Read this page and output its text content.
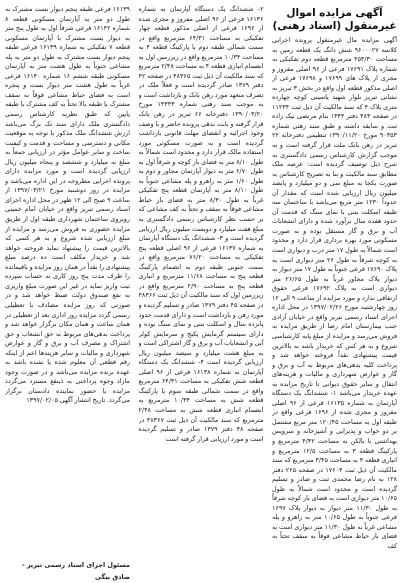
آگهی مزایده اموال غیرمنقول (اسناد رهنی)

آگهی مزایده مال غیرمنقول پرونده اجرایی کلاسه ۹۶۰۰۰۲۷ شش دانگ یک قطعه زمین به مساحت ۴۵۳/۳۰ مترمربع قطعه دوم تفکیکی به شماره پلاک ۱۷۶۹۱ فرعی از ۹۶ اصلی مفروز و مجزی از پلاک های ۱۷۶۹۹ و ۱۷۶۹۸ فرعی از اصلی مذکور قطعه اول واقع در بخش ۳ تبریز به نشانی تبریز بلوار شهید یاسینی کوچه چهارده متری پلاک ۴ که سند مالکیت آن ذیل ثبت ۱۱۲۳۴ در صفحه ۴۸۳ دفتر ۱۳۴۴ بنام مرتضی نیک زاده ثبت و سابقه داشته و طبق سند رهنی شماره ۹۰۳۵۳ مورخ ۱۳۹۰/۱۱/۲۰ تنظیمی دفترخانه ۲۲ تبریز در رهن بانک ملت قرار گرفته است و به موجب گزارش کارشناس رسمی دادگستری به شرح ذیل توصیف گردیده است: عرصه ملک مطابق سند مالکیت و بنا به تصریح کارشناس به صورت یکجا به مبلغ سی و دو میلیارد و پانصد میلیون ریال ارزیابی شده است که مقدار آن حدوداً ۱۲۳۰ متر مربع می‌باشد با ساختمان سه طبقه اسکلت بتنی با نمای سنگ که قدمت آن حدود هفده سال برآورد شده و دارای انشعابات آب و برق و گاز مستقل بوده و به صورت مسکونی مورد بهره برداری قرار دارد و محدود است شمالاً به طول ۱۷ متر درب و دیواری است به کوچه شرقاً به طول ۲۶ متر دیواری است به پلاک ۱۷۶۹۰ فرعی جنوباً به طول ۱۷ متر دیوار به دیوار پلاک مجاور غرباً به طول ۲۶/۶۵ متر دیواری است به پلاک ۱۷۶۹۲ فرعی حقوق ارتفاقی ندارد و مورد مزایده از ساعت ۹ الی ۱۲ روز چهارشنبه مورخ ۱۳۹۷/۰۲/۲۶ در محل اداره اجرای اسناد رسمی تبریز واقع در خیابان آزادی جنب بیمارستان امام رضا از طریق مزایده به فروش می‌رسد و مزایده از مبلغ پایه کارشناسی شروع و به هر کس که خریدار باشد به بالاترین قیمت پیشنهادی نقداً فروخته خواهد شد و پرداخت کلیه بدهی‌های مربوط به آب و برق و گاز و عوارض شهرداری و مالیات و هزینه‌های انتقال و سایر حقوق دیوانی تا تاریخ مزایده به عهده خریدار می‌باشد ۱- ششدانگ یک دستگاه آپارتمان به شماره ۱۶۱۳۵ فرعی از ۹۶ اصلی مفروز و مجزی شده از ۱۶۹۶ فرعی واقع در طبقه اول به مساحت ۱۲۰/۴۵ متر مربع مشتمل بر دو خواب و پذیرایی و آشپزخانه و سرویس بهداشتی با بالکن به مساحت ۴/۳۲ مترمربع و پارکینگ قطعه ۳ به مساحت ۱۲/۵ مترمربع و انباری قطعه ۴ به مساحت ۳/۴۵ مترمربع که سند مالکیت آن ذیل ثبت ۱۷۶۰۴ در صفحه ۲۶۵ دفتر ۱۲۸ به نام رضا محمدی ثبت و صادر و تسلیم گردیده است و محدود است شمالاً به طول ۱۰/۶۵ متر دیواری است به فضای باز کوچه شرقاً به طول ۱۱/۳۰ متر دیوار به دیوار پلاک ۱۶۹۷ فرعی جنوباً به طول ۱۰/۶۵ متر به راهرو و پله مشاعی غرباً به طول ۱۱/۳۰ متر دیواری است به فضای باز حیاط مشاعی فوقاً به سقف تحتاً به کف

۲- ششدانگ یک دستگاه آپارتمان به شماره ۱۶۱۳۶ فرعی از ۹۶ اصلی مفروز و مجزی شده از ۱۶۹۶ فرعی از اصلی مذکور قطعه چهار تفکیکی به مساحت ۶۴/۳۱ مترمربع واقع در سمت شمالی طبقه دوم با پارکینگ قطعه ۴ به مساحت ۱۰/۳۴ مترمربع واقع در زیرزمین اول به انضمام انباری قطعه ۴ به مساحت ۲/۴۸ مترمربع که سند مالکیت آن ذیل ثبت ۴۸۳۶۵ در صفحه ۴۲ دفتر ۱۳۷۹ صادر گردیده است و فعلاً ملک در تصرف متعهد مورد رهن بانک و بازداشت است و به موجب سند رهنی شماره ۱۴۳۴۳ مورخ ۱۳۹۰/۰۳/۲۰ دفترخانه ۶۶ تبریز در رهن بانک قرار گرفته و بابت بدهی پرونده حاضر و با وصف وجود اجرائیه و انقضای مهلت قانونی بازداشت گردیده است و به صورت مسکونی مورد استفاده مالک قرار دارد و محدود است شمالاً به طول ۸/۱۰ متر به فضای باز کوچه و شرقاً اول به طول ۶/۷۰ متر به دیوار آپارتمان مجاور و دوم به طول ۱/۶۰ متر به راهرو و پله مشاعی جنوباً به طول ۸/۱۰ متر به آپارتمان قطعه پنج تفکیکی غرباً به طول ۸/۳۰ متر به فضای باز حیاط مشاعی فوقاً به سقف و تحتاً به کف مشاعی که بر حسب نظر کارشناس رسمی دادگستری به مبلغ هفت میلیارد و دویست میلیون ریال ارزیابی گردیده است و ۳- ششدانگ یک دستگاه آپارتمان به شماره ۱۶۱۳۷ فرعی از ۹۶ اصلی قطعه پنج تفکیکی به مساحت ۷۶/۲۰ مترمربع واقع در سمت جنوبی طبقه دوم به انضمام پارکینگ قطعه پنج به مساحت ۱۱/۶۸ مترمربع و انباری قطعه پنج به مساحت ۲/۹۰ مترمربع واقع در زیرزمین اول که سند مالکیت آن ذیل ثبت ۴۸۳۶۶ در صفحه ۴۵ دفتر ۱۳۷۹ صادر و تسلیم گردیده و مورد رهن و بازداشت است و دارای قدمت حدود پانزده سال و اسکلت بتنی و نمای سنگ بوده و دارای سیستم گرمایش پکیج و سرمایش کولر آبی و انشعابات آب و برق و گاز اشتراکی است و به مبلغ هشت میلیارد و سیصد میلیون ریال ارزیابی گردیده است ۴- ششدانگ یک دستگاه آپارتمان به شماره ۱۶۱۳۸ فرعی از ۹۶ اصلی قطعه شش تفکیکی به مساحت ۶۴/۳۱ مترمربع واقع در سمت شمالی طبقه سوم با پارکینگ قطعه شش به مساحت ۱۰/۳۴ مترمربع به انضمام انباری قطعه شش به مساحت ۲/۴۸ مترمربع که سند مالکیت آن ذیل ثبت ۴۸۳۶۷ در صفحه ۴۸ دفتر ۱۳۷۹ صادر و تسلیم گردیده است و مورد ارزیابی قرار گرفته است

۱۶۱۳۹ فرعی طبقه پنجم دیوار بست مشترک به طول دو متر به آپارتمان مسکونی قطعه ۸ شماره ۱۶۱۴۲ فرعی شرقاً اول به طول پنج متر به دیوار بست مشترک با آپارتمان مسکونی قطعه ۷ تفکیکی به شماره ۱۶۱۳۹ فرعی طبقه پنجم دیوار بست مشترک به طول دو متر به پله مشاعی جنوباً به طول هشت متر به آپارتمان مسکونی طبقه ششم ۱۶ شماره ۱۶۱۴۰ فرعی غرباً به طول هشت متر دیوار بست و پنجره است به فضای حیاط مشاعی فوقاً به سقف مشترک با طبقه بالا تحتاً به کف مشترک با طبقه پایین که طبق نظریه کارشناس رسمی دادگستری ملک دارای سند تک برگ می‌باشد ارزش ششدانگ ملک مذکور با توجه به موقعیت مکانی و دسترسی و مساحت و قدمت و کیفیت ساخت و سایر عوامل مؤثر در ارزیابی جمعاً به مبلغ نه میلیارد و ششصد و پنجاه میلیون ریال ارزیابی گردیده است و مورد مزایده دارای پرونده اجرایی مطروحه در این اداره می‌باشد و مزایده در روز دوشنبه مورخ ۱۳۹۷/۰۳/۲۱ از ساعت ۹ صبح الی ۱۲ ظهر در محل اداره اجرای اسناد رسمی تبریز واقع در خیابان امام خمینی روبروی ساختمان شهرداری طبقه اول از طریق مزایده حضوری به فروش می‌رسد و مزایده از مبلغ ارزیابی شده شروع و به هر کسی که بالاترین قیمت را پیشنهاد نماید فروخته خواهد شد و خریدار مکلف است ده درصد مبلغ پیشنهادی را نقداً در همان روز مزایده و باقیمانده را ظرف مدت پنج روز کاری به حساب سپرده ثبت واریز نماید در غیر این صورت مبلغ واریزی به نفع صندوق دولت ضبط خواهد شد و در صورتی که روز مزایده مصادف با تعطیلی رسمی گردد مزایده روز اداری بعد از تعطیلی در همان ساعت و همان مکان برگزار خواهد شد و پرداخت بدهی‌های مربوط به حق انشعاب و حق اشتراک و مصرف آب و برق و گاز و عوارض شهرداری و مالیات و سایر هزینه‌ها اعم از اینکه رقم قطعی آن معلوم شده یا نشده باشد به عهده برنده مزایده می‌باشد و در صورت وجود مازاد وجوه پرداختی به ذینفع مسترد می‌گردد مزایده با حضور نماینده دادستان برگزار می‌گردد. تاریخ انتشار آگهی ۱۳۹۷/۰۲/۰۵

مسئول اجرای اسناد رسمی تبریز - صادق بیگی
